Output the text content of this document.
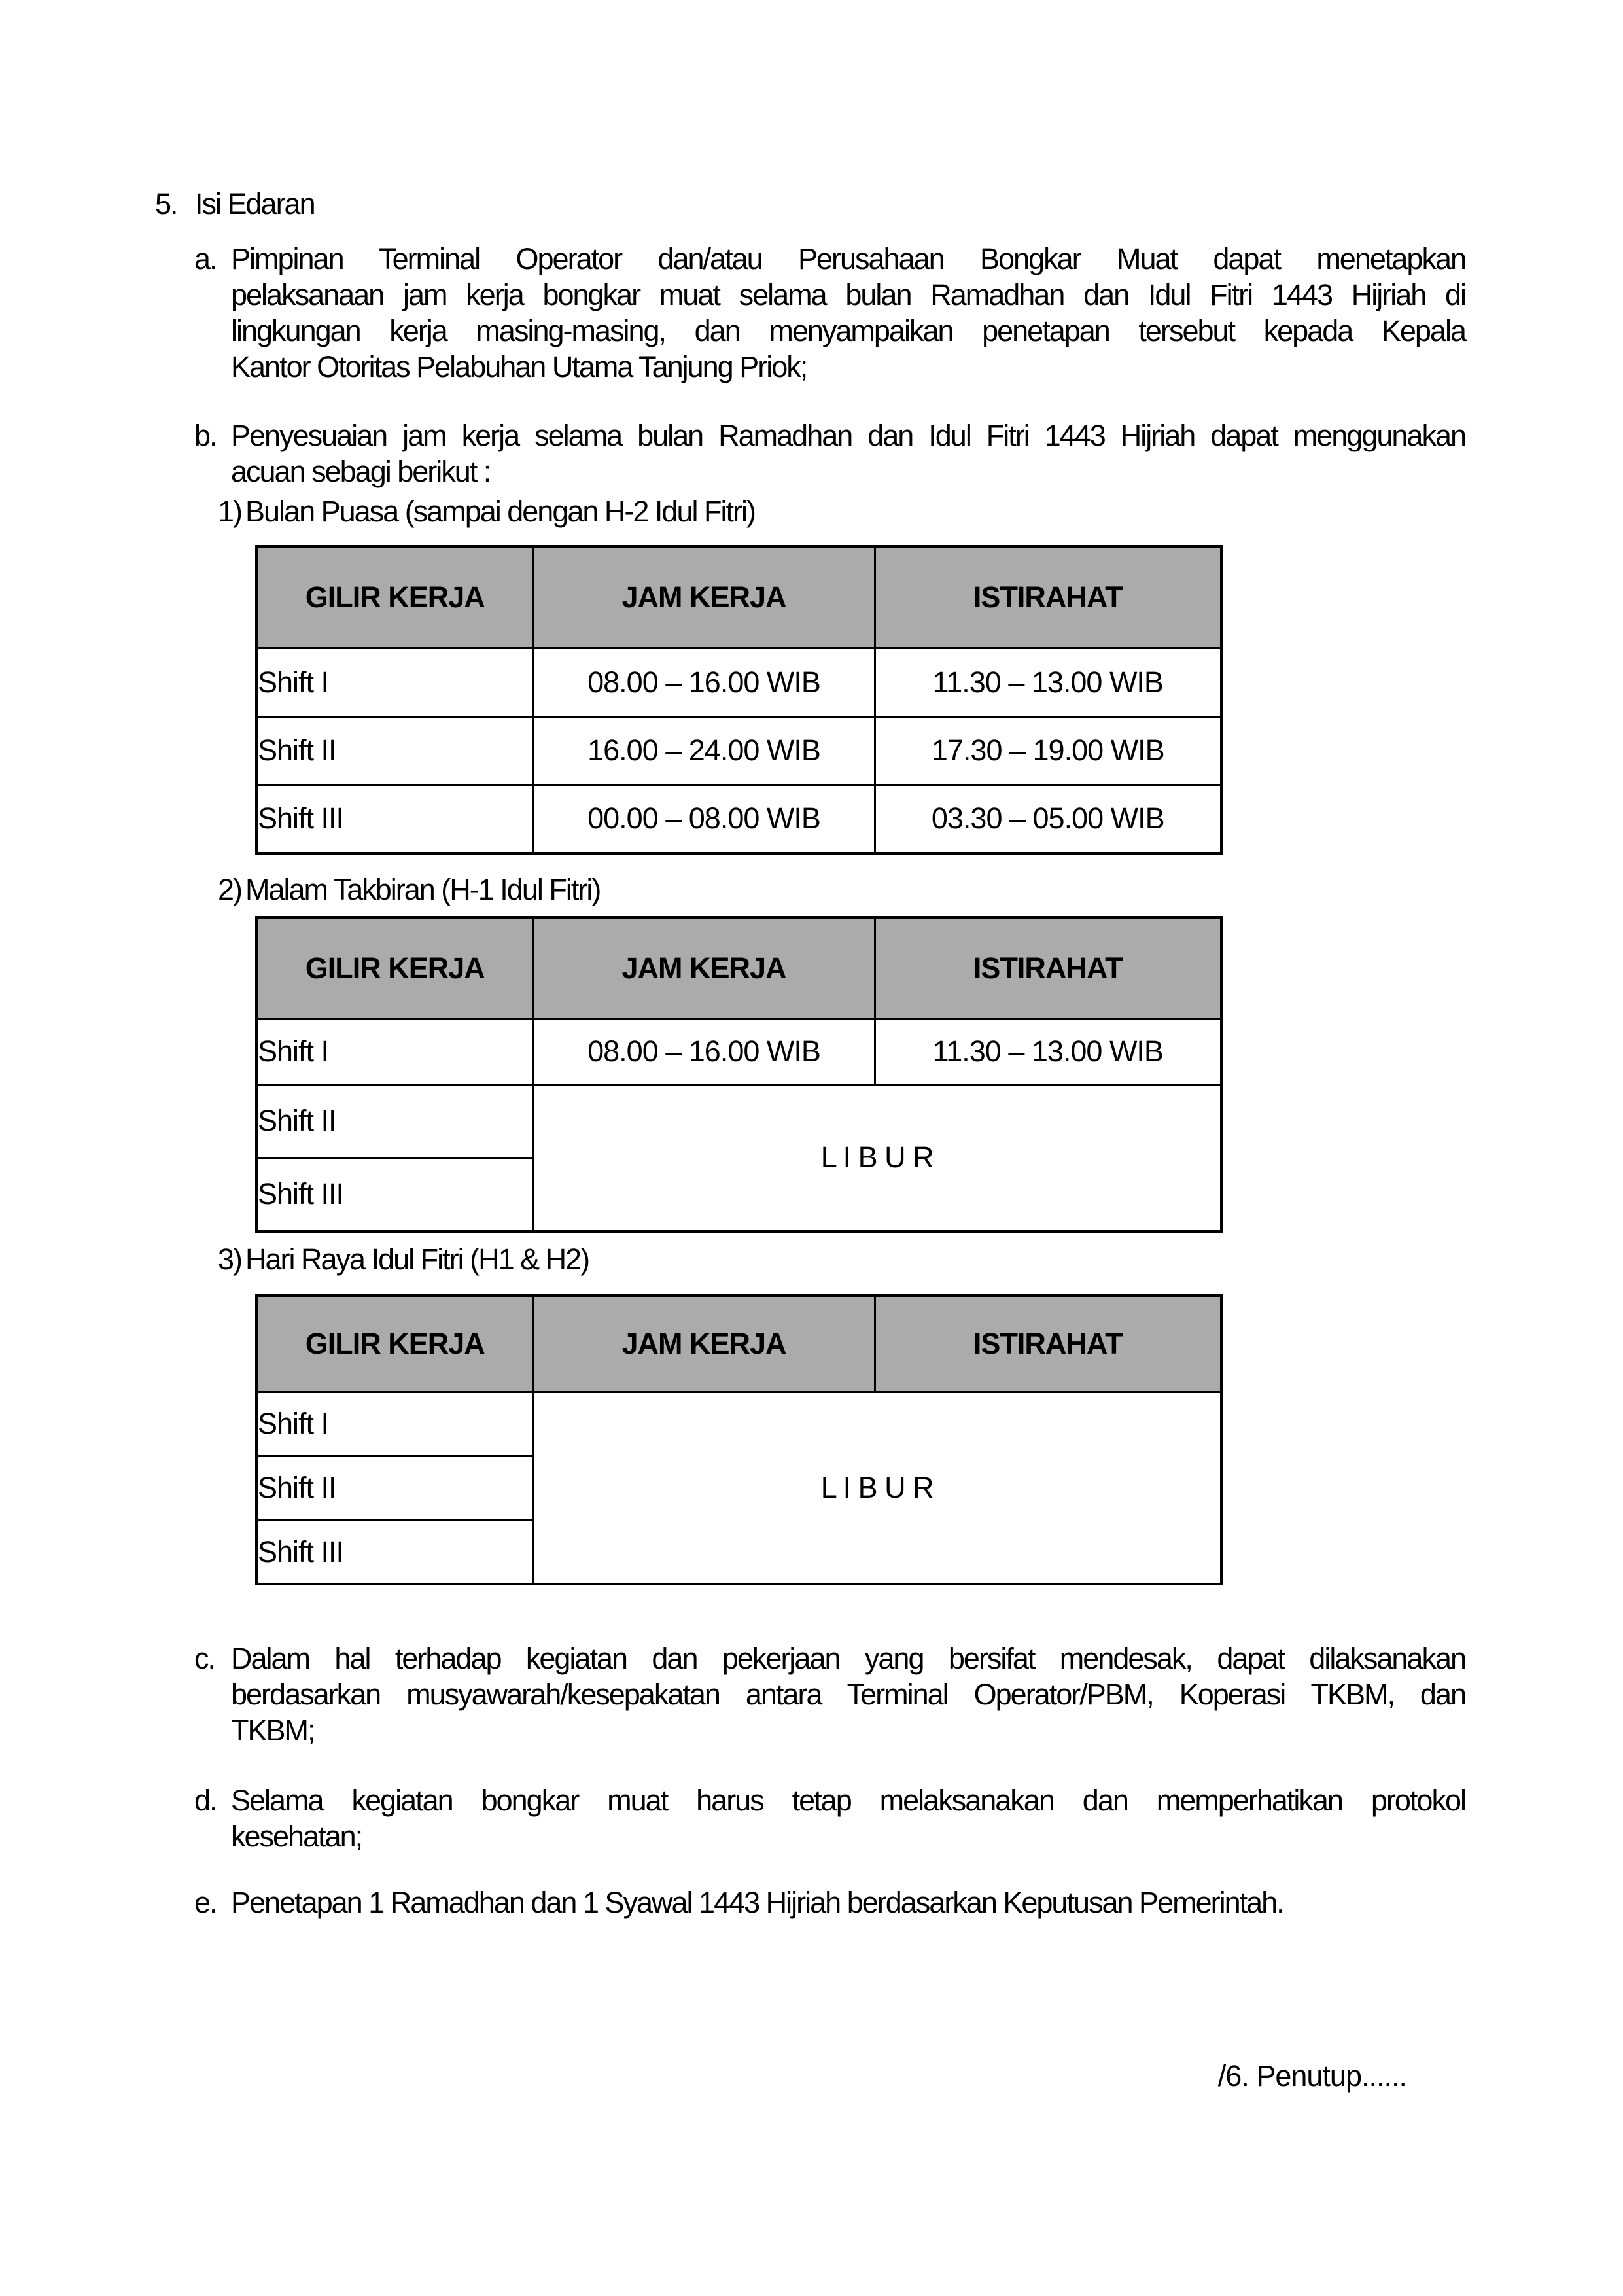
5. Isi Edaran
a. Pimpinan Terminal Operator dan/atau Perusahaan Bongkar Muat dapat menetapkan
pelaksanaan jam kerja bongkar muat selama bulan Ramadhan dan Idul Fitri 1443 Hijriah di
lingkungan kerja masing-masing, dan menyampaikan penetapan tersebut kepada Kepala
Kantor Otoritas Pelabuhan Utama Tanjung Priok;
b. Penyesuaian jam kerja selama bulan Ramadhan dan Idul Fitri 1443 Hijriah dapat menggunakan
acuan sebagi berikut :
1) Bulan Puasa (sampai dengan H-2 Idul Fitri)
GILIR KERJA	JAM KERJA	ISTIRAHAT
Shift I	08.00 – 16.00 WIB	11.30 – 13.00 WIB
Shift II	16.00 – 24.00 WIB	17.30 – 19.00 WIB
Shift III	00.00 – 08.00 WIB	03.30 – 05.00 WIB
2) Malam Takbiran (H-1 Idul Fitri)
GILIR KERJA	JAM KERJA	ISTIRAHAT
Shift I	08.00 – 16.00 WIB	11.30 – 13.00 WIB
Shift II	L I B U R	
Shift III		
3) Hari Raya Idul Fitri (H1 & H2)
GILIR KERJA	JAM KERJA	ISTIRAHAT
Shift I	L I B U R	
Shift II		
Shift III		
c. Dalam hal terhadap kegiatan dan pekerjaan yang bersifat mendesak, dapat dilaksanakan
berdasarkan musyawarah/kesepakatan antara Terminal Operator/PBM, Koperasi TKBM, dan
TKBM;
d. Selama kegiatan bongkar muat harus tetap melaksanakan dan memperhatikan protokol
kesehatan;
e. Penetapan 1 Ramadhan dan 1 Syawal 1443 Hijriah berdasarkan Keputusan Pemerintah.
/6. Penutup......
